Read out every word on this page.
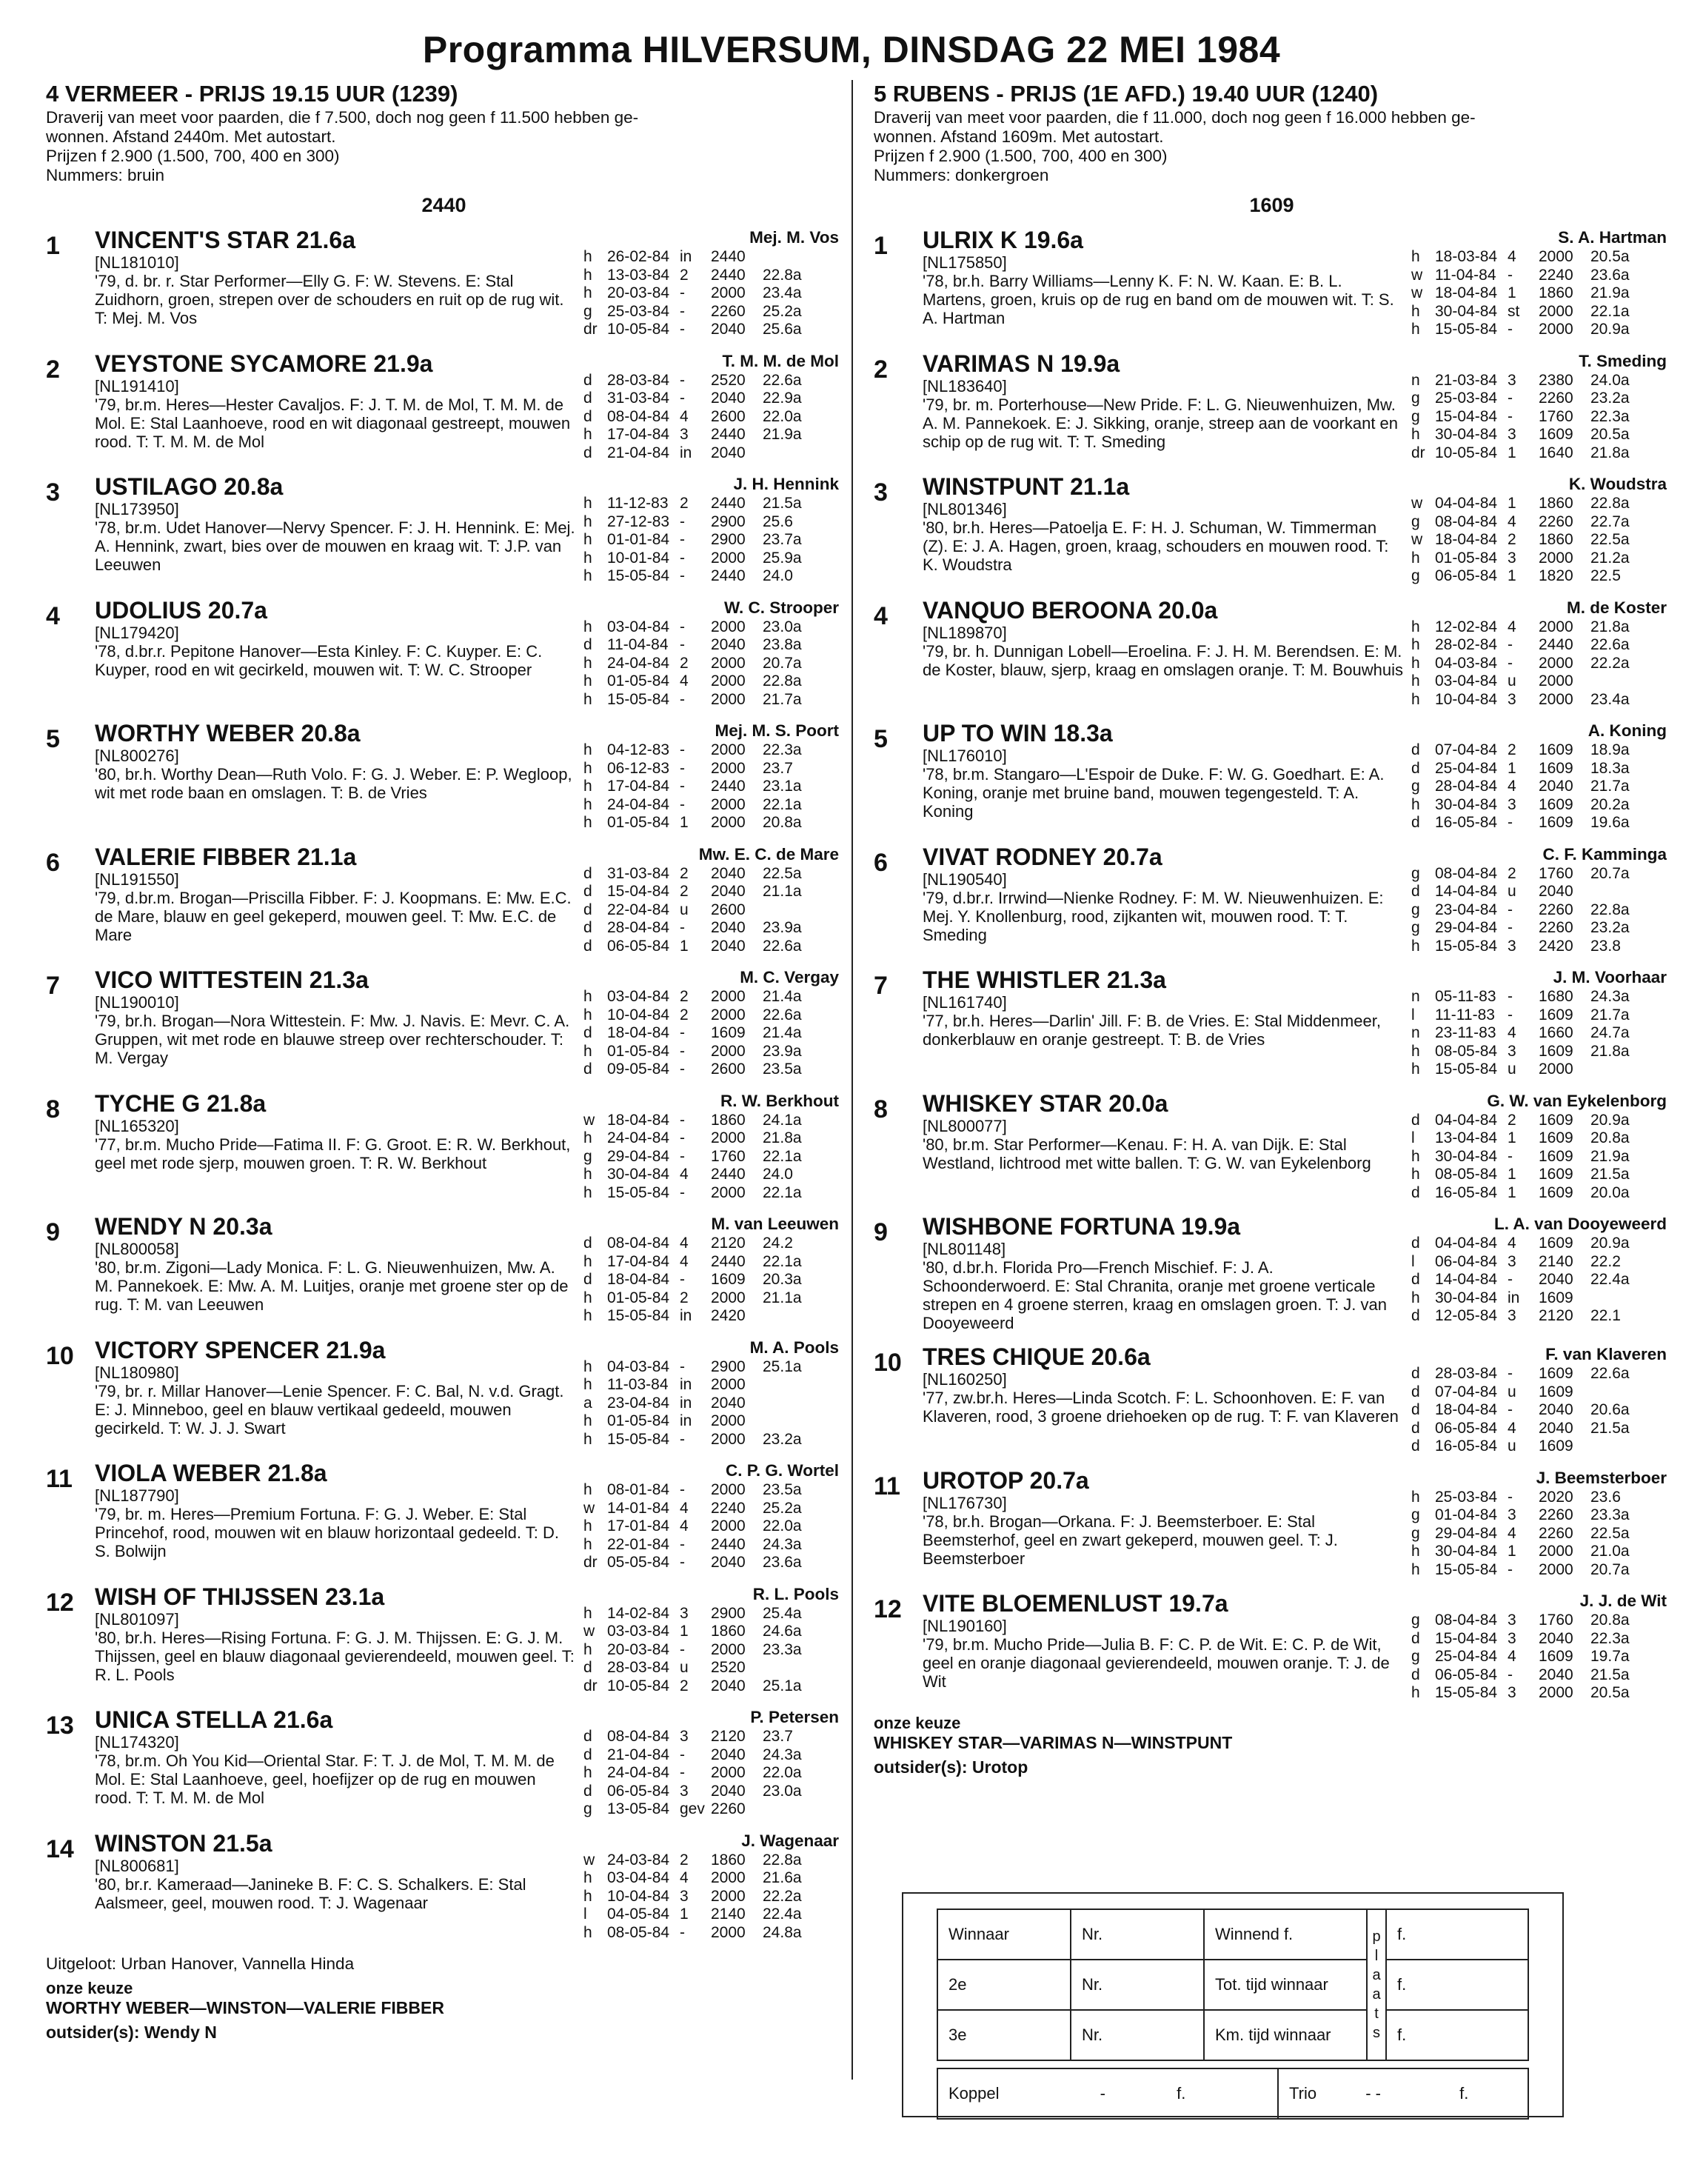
Programma HILVERSUM, DINSDAG 22 MEI 1984
4 VERMEER - PRIJS 19.15 UUR (1239)
Draverij van meet voor paarden, die f 7.500, doch nog geen f 11.500 hebben ge-
wonnen. Afstand 2440m. Met autostart.
Prijzen f 2.900 (1.500, 700, 400 en 300)
Nummers: bruin
2440
1	VINCENT'S STAR 21.6a
[NL181010]
'79, d. br. r. Star Performer—Elly G. F: W. Stevens. E: Stal Zuidhorn, groen, strepen over de schouders en ruit op de rug wit. T: Mej. M. Vos
Mej. M. Vos
h 26-02-84 in	2440
h 13-03-84 2	2440	22.8a
h 20-03-84 -	2000	23.4a
g 25-03-84 -	2260	25.2a
dr 10-05-84 -	2040	25.6a
2	VEYSTONE SYCAMORE 21.9a
[NL191410]
'79, br.m. Heres—Hester Cavaljos. F: J. T. M. de Mol, T. M. M. de Mol. E: Stal Laanhoeve, rood en wit diagonaal gestreept, mouwen rood. T: T. M. M. de Mol
T. M. M. de Mol
d 28-03-84 -	2520	22.6a
d 31-03-84 -	2040	22.9a
d 08-04-84 4	2600	22.0a
h 17-04-84 3	2440	21.9a
d 21-04-84 in	2040
3	USTILAGO 20.8a
[NL173950]
'78, br.m. Udet Hanover—Nervy Spencer. F: J. H. Hennink. E: Mej. A. Hennink, zwart, bies over de mouwen en kraag wit. T: J.P. van Leeuwen
J. H. Hennink
h 11-12-83 2	2440	21.5a
h 27-12-83 -	2900	25.6
h 01-01-84 -	2900	23.7a
h 10-01-84 -	2000	25.9a
h 15-05-84 -	2440	24.0
4	UDOLIUS 20.7a
[NL179420]
'78, d.br.r. Pepitone Hanover—Esta Kinley. F: C. Kuyper. E: C. Kuyper, rood en wit gecirkeld, mouwen wit. T: W. C. Strooper
W. C. Strooper
h 03-04-84 -	2000	23.0a
d 11-04-84 -	2040	23.8a
h 24-04-84 2	2000	20.7a
h 01-05-84 4	2000	22.8a
h 15-05-84 -	2000	21.7a
5	WORTHY WEBER 20.8a
[NL800276]
'80, br.h. Worthy Dean—Ruth Volo. F: G. J. Weber. E: P. Wegloop, wit met rode baan en omslagen. T: B. de Vries
Mej. M. S. Poort
h 04-12-83 -	2000	22.3a
h 06-12-83 -	2000	23.7
h 17-04-84 -	2440	23.1a
h 24-04-84 -	2000	22.1a
h 01-05-84 1	2000	20.8a
6	VALERIE FIBBER 21.1a
[NL191550]
'79, d.br.m. Brogan—Priscilla Fibber. F: J. Koopmans. E: Mw. E.C. de Mare, blauw en geel gekeperd, mouwen geel. T: Mw. E.C. de Mare
Mw. E. C. de Mare
d 31-03-84 2	2040	22.5a
d 15-04-84 2	2040	21.1a
d 22-04-84 u	2600
d 28-04-84 -	2040	23.9a
d 06-05-84 1	2040	22.6a
7	VICO WITTESTEIN 21.3a
[NL190010]
'79, br.h. Brogan—Nora Wittestein. F: Mw. J. Navis. E: Mevr. C. A. Gruppen, wit met rode en blauwe streep over rechterschouder. T: M. Vergay
M. C. Vergay
h 03-04-84 2	2000	21.4a
h 10-04-84 2	2000	22.6a
d 18-04-84 -	1609	21.4a
h 01-05-84 -	2000	23.9a
d 09-05-84 -	2600	23.5a
8	TYCHE G 21.8a
[NL165320]
'77, br.m. Mucho Pride—Fatima II. F: G. Groot. E: R. W. Berkhout, geel met rode sjerp, mouwen groen. T: R. W. Berkhout
R. W. Berkhout
w 18-04-84 -	1860	24.1a
h 24-04-84 -	2000	21.8a
g 29-04-84 -	1760	22.1a
h 30-04-84 4	2440	24.0
h 15-05-84 -	2000	22.1a
9	WENDY N 20.3a
[NL800058]
'80, br.m. Zigoni—Lady Monica. F: L. G. Nieuwenhuizen, Mw. A. M. Pannekoek. E: Mw. A. M. Luitjes, oranje met groene ster op de rug. T: M. van Leeuwen
M. van Leeuwen
d 08-04-84 4	2120	24.2
h 17-04-84 4	2440	22.1a
d 18-04-84 -	1609	20.3a
h 01-05-84 2	2000	21.1a
h 15-05-84 in	2420
10 VICTORY SPENCER 21.9a
[NL180980]
'79, br. r. Millar Hanover—Lenie Spencer. F: C. Bal, N. v.d. Gragt. E: J. Minneboo, geel en blauw vertikaal gedeeld, mouwen gecirkeld. T: W. J. J. Swart
M. A. Pools
h 04-03-84 -	2900	25.1a
h 11-03-84 in	2000
a 23-04-84 in	2040
h 01-05-84 in	2000
h 15-05-84 -	2000	23.2a
11 VIOLA WEBER 21.8a
[NL187790]
'79, br. m. Heres—Premium Fortuna. F: G. J. Weber. E: Stal Princehof, rood, mouwen wit en blauw horizontaal gedeeld. T: D. S. Bolwijn
C. P. G. Wortel
h 08-01-84 -	2000	23.5a
w 14-01-84 4	2240	25.2a
h 17-01-84 4	2000	22.0a
h 22-01-84 -	2440	24.3a
dr 05-05-84 -	2040	23.6a
12 WISH OF THIJSSEN 23.1a
[NL801097]
'80, br.h. Heres—Rising Fortuna. F: G. J. M. Thijssen. E: G. J. M. Thijssen, geel en blauw diagonaal gevierendeeld, mouwen geel. T: R. L. Pools
R. L. Pools
h 14-02-84 3	2900	25.4a
w 03-03-84 1	1860	24.6a
h 20-03-84 -	2000	23.3a
d 28-03-84 u	2520
dr 10-05-84 2	2040	25.1a
13 UNICA STELLA 21.6a
[NL174320]
'78, br.m. Oh You Kid—Oriental Star. F: T. J. de Mol, T. M. M. de Mol. E: Stal Laanhoeve, geel, hoefijzer op de rug en mouwen rood. T: T. M. M. de Mol
P. Petersen
d 08-04-84 3	2120	23.7
d 21-04-84 -	2040	24.3a
h 24-04-84 -	2000	22.0a
d 06-05-84 3	2040	23.0a
g 13-05-84 gev 2260
14 WINSTON 21.5a
[NL800681]
'80, br.r. Kameraad—Janineke B. F: C. S. Schalkers. E: Stal Aalsmeer, geel, mouwen rood. T: J. Wagenaar
J. Wagenaar
w 24-03-84 2	1860	22.8a
h 03-04-84 4	2000	21.6a
h 10-04-84 3	2000	22.2a
l	04-05-84 1	2140	22.4a
h 08-05-84 -	2000	24.8a
Uitgeloot: Urban Hanover, Vannella Hinda
onze keuze
WORTHY WEBER—WINSTON—VALERIE FIBBER
outsider(s): Wendy N
5 RUBENS - PRIJS (1E AFD.) 19.40 UUR (1240)
Draverij van meet voor paarden, die f 11.000, doch nog geen f 16.000 hebben ge-
wonnen. Afstand 1609m. Met autostart.
Prijzen f 2.900 (1.500, 700, 400 en 300)
Nummers: donkergroen
1609
1	ULRIX K 19.6a
[NL175850]
'78, br.h. Barry Williams—Lenny K. F: N. W. Kaan. E: B. L. Martens, groen, kruis op de rug en band om de mouwen wit. T: S. A. Hartman
S. A. Hartman
h 18-03-84 4	2000	20.5a
w 11-04-84 -	2240	23.6a
w 18-04-84 1	1860	21.9a
h 30-04-84 st	2000	22.1a
h 15-05-84 -	2000	20.9a
2	VARIMAS N 19.9a
[NL183640]
'79, br. m. Porterhouse—New Pride. F: L. G. Nieuwenhuizen, Mw. A. M. Pannekoek. E: J. Sikking, oranje, streep aan de voorkant en schip op de rug wit. T: T. Smeding
T. Smeding
n 21-03-84 3	2380	24.0a
g 25-03-84 -	2260	23.2a
g 15-04-84 -	1760	22.3a
h 30-04-84 3	1609	20.5a
dr 10-05-84 1	1640	21.8a
3	WINSTPUNT 21.1a
[NL801346]
'80, br.h. Heres—Patoelja E. F: H. J. Schuman, W. Timmerman (Z). E: J. A. Hagen, groen, kraag, schouders en mouwen rood. T: K. Woudstra
K. Woudstra
w 04-04-84 1	1860	22.8a
g 08-04-84 4	2260	22.7a
w 18-04-84 2	1860	22.5a
h 01-05-84 3	2000	21.2a
g 06-05-84 1	1820	22.5
4	VANQUO BEROONA 20.0a
[NL189870]
'79, br. h. Dunnigan Lobell—Eroelina. F: J. H. M. Berendsen. E: M. de Koster, blauw, sjerp, kraag en omslagen oranje. T: M. Bouwhuis
M. de Koster
h 12-02-84 4	2000	21.8a
h 28-02-84 -	2440	22.6a
h 04-03-84 -	2000	22.2a
h 03-04-84 u	2000
h 10-04-84 3	2000	23.4a
5	UP TO WIN 18.3a
[NL176010]
'78, br.m. Stangaro—L'Espoir de Duke. F: W. G. Goedhart. E: A. Koning, oranje met bruine band, mouwen tegengesteld. T: A. Koning
A. Koning
d 07-04-84 2	1609	18.9a
d 25-04-84 1	1609	18.3a
g 28-04-84 4	2040	21.7a
h 30-04-84 3	1609	20.2a
d 16-05-84 -	1609	19.6a
6	VIVAT RODNEY 20.7a
[NL190540]
'79, d.br.r. Irrwind—Nienke Rodney. F: M. W. Nieuwenhuizen. E: Mej. Y. Knollenburg, rood, zijkanten wit, mouwen rood. T: T. Smeding
C. F. Kamminga
g 08-04-84 2	1760	20.7a
d 14-04-84 u	2040
g 23-04-84 -	2260	22.8a
g 29-04-84 -	2260	23.2a
h 15-05-84 3	2420	23.8
7	THE WHISTLER 21.3a
[NL161740]
'77, br.h. Heres—Darlin' Jill. F: B. de Vries. E: Stal Middenmeer, donkerblauw en oranje gestreept. T: B. de Vries
J. M. Voorhaar
n 05-11-83 -	1680	24.3a
l	11-11-83 -	1609	21.7a
n 23-11-83 4	1660	24.7a
h 08-05-84 3	1609	21.8a
h 15-05-84 u	2000
8	WHISKEY STAR 20.0a
[NL800077]
'80, br.m. Star Performer—Kenau. F: H. A. van Dijk. E: Stal Westland, lichtrood met witte ballen. T: G. W. van Eykelenborg
G. W. van Eykelenborg
d 04-04-84 2	1609	20.9a
l	13-04-84 1	1609	20.8a
h 30-04-84 -	1609	21.9a
h 08-05-84 1	1609	21.5a
d 16-05-84 1	1609	20.0a
9	WISHBONE FORTUNA 19.9a
[NL801148]
'80, d.br.h. Florida Pro—French Mischief. F: J. A. Schoonderwoerd. E: Stal Chranita, oranje met groene verticale strepen en 4 groene sterren, kraag en omslagen groen. T: J. van Dooyeweerd
L. A. van Dooyeweerd
d 04-04-84 4	1609	20.9a
l	06-04-84 3	2140	22.2
d 14-04-84 -	2040	22.4a
h 30-04-84 in	1609
d 12-05-84 3	2120	22.1
10 TRES CHIQUE 20.6a
[NL160250]
'77, zw.br.h. Heres—Linda Scotch. F: L. Schoonhoven. E: F. van Klaveren, rood, 3 groene driehoeken op de rug. T: F. van Klaveren
F. van Klaveren
d 28-03-84 -	1609	22.6a
d 07-04-84 u	1609
d 18-04-84 -	2040	20.6a
d 06-05-84 4	2040	21.5a
d 16-05-84 u	1609
11 UROTOP 20.7a
[NL176730]
'78, br.h. Brogan—Orkana. F: J. Beemsterboer. E: Stal Beemsterhof, geel en zwart gekeperd, mouwen geel. T: J. Beemsterboer
J. Beemsterboer
h 25-03-84 -	2020	23.6
g 01-04-84 3	2260	23.3a
g 29-04-84 4	2260	22.5a
h 30-04-84 1	2000	21.0a
h 15-05-84 -	2000	20.7a
12 VITE BLOEMENLUST 19.7a
[NL190160]
'79, br.m. Mucho Pride—Julia B. F: C. P. de Wit. E: C. P. de Wit, geel en oranje diagonaal gevierendeeld, mouwen oranje. T: J. de Wit
J. J. de Wit
g 08-04-84 3	1760	20.8a
d 15-04-84 3	2040	22.3a
g 25-04-84 4	1609	19.7a
d 06-05-84 -	2040	21.5a
h 15-05-84 3	2000	20.5a
onze keuze
WHISKEY STAR—VARIMAS N—WINSTPUNT
outsider(s): Urotop
Winnaar	Nr.	Winnend f.	p l a a t s	f.
2e	Nr.	Tot. tijd winnaar		f.
3e	Nr.	Km. tijd winnaar		f.
Koppel	-	f.	Trio	- -	f.
